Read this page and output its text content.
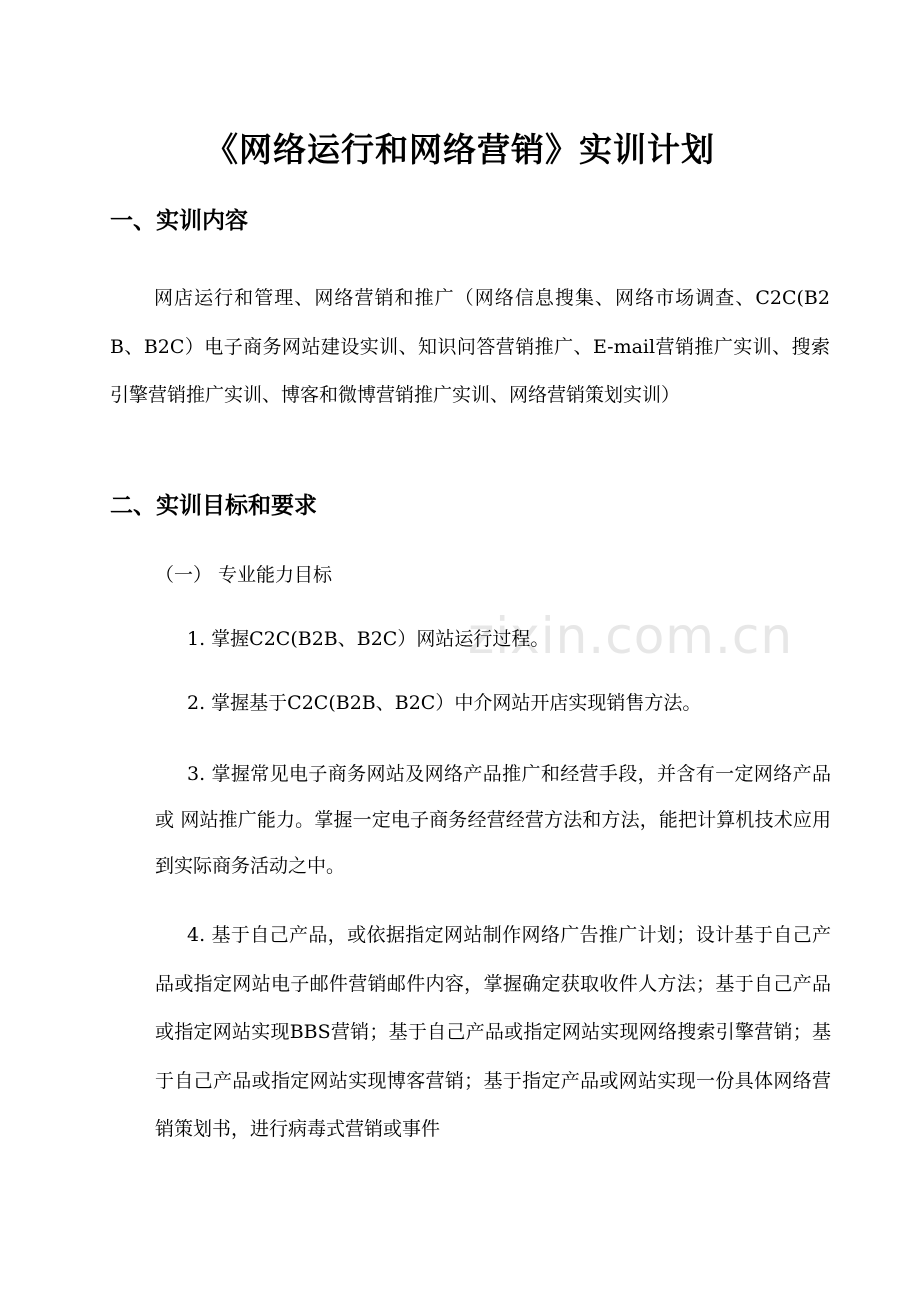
zixin.com.cn
《网络运行和网络营销》实训计划
一、实训内容
网店运行和管理、网络营销和推广（网络信息搜集、网络市场调查、C2C(B2B、B2C）电子商务网站建设实训、知识问答营销推广、E-mail营销推广实训、搜索引擎营销推广实训、博客和微博营销推广实训、网络营销策划实训）
二、实训目标和要求
（一） 专业能力目标
1. 掌握C2C(B2B、B2C）网站运行过程。
2. 掌握基于C2C(B2B、B2C）中介网站开店实现销售方法。
3. 掌握常见电子商务网站及网络产品推广和经营手段，并含有一定网络产品或 网站推广能力。掌握一定电子商务经营经营方法和方法，能把计算机技术应用到实际商务活动之中。
4. 基于自己产品，或依据指定网站制作网络广告推广计划；设计基于自己产品或指定网站电子邮件营销邮件内容，掌握确定获取收件人方法；基于自己产品或指定网站实现BBS营销；基于自己产品或指定网站实现网络搜索引擎营销；基于自己产品或指定网站实现博客营销；基于指定产品或网站实现一份具体网络营销策划书，进行病毒式营销或事件
